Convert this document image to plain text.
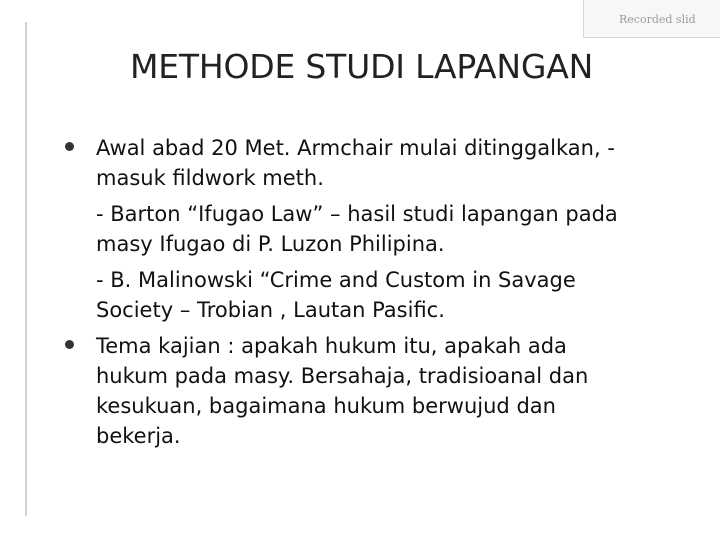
Recorded slid
METHODE STUDI LAPANGAN

Awal abad 20 Met. Armchair mulai ditinggalkan, -
masuk fildwork meth.

- Barton “Ifugao Law” – hasil studi lapangan pada
masy Ifugao di P. Luzon Philipina.

- B. Malinowski “Crime and Custom in Savage
Society – Trobian , Lautan Pasific.

Tema kajian : apakah hukum itu, apakah ada
hukum pada masy. Bersahaja, tradisioanal dan
kesukuan, bagaimana hukum berwujud dan
bekerja.
